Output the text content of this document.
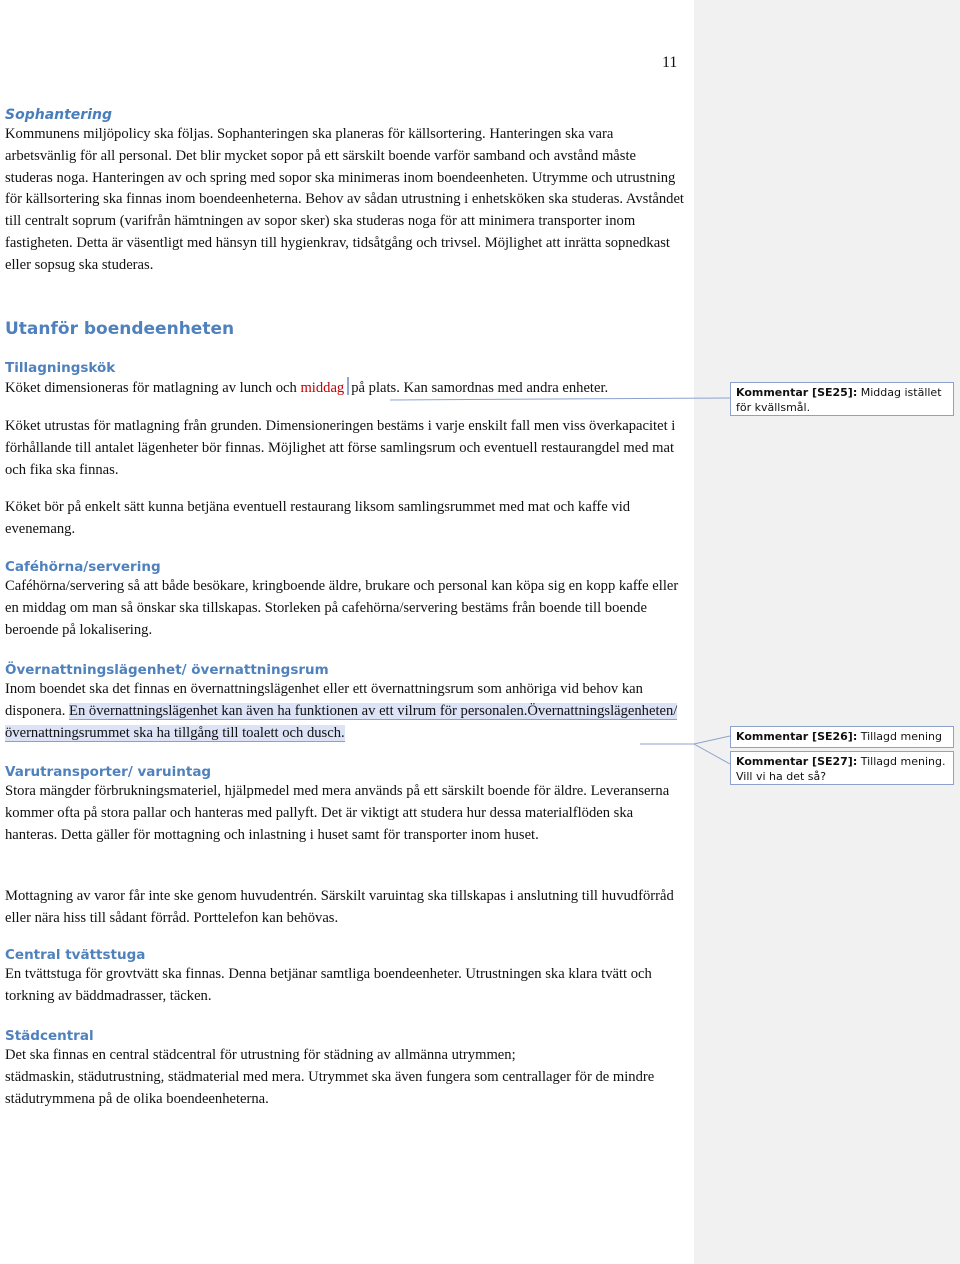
11
Sophantering

Kommunens miljöpolicy ska följas. Sophanteringen ska planeras för källsortering. Hanteringen ska vara arbetsvänlig för all personal. Det blir mycket sopor på ett särskilt boende varför samband och avstånd måste studeras noga. Hanteringen av och spring med sopor ska minimeras inom boendeenheten. Utrymme och utrustning för källsortering ska finnas inom boendeenheterna. Behov av sådan utrustning i enhetsköken ska studeras. Avståndet till centralt soprum (varifrån hämtningen av sopor sker) ska studeras noga för att minimera transporter inom fastigheten. Detta är väsentligt med hänsyn till hygienkrav, tidsåtgång och trivsel. Möjlighet att inrätta sopnedkast eller sopsug ska studeras.

Utanför boendeenheten
Tillagningskök

Köket dimensioneras för matlagning av lunch och middag på plats. Kan samordnas med andra enheter.

Köket utrustas för matlagning från grunden. Dimensioneringen bestäms i varje enskilt fall men viss överkapacitet i förhållande till antalet lägenheter bör finnas. Möjlighet att förse samlingsrum och eventuell restaurangdel med mat och fika ska finnas.

Köket bör på enkelt sätt kunna betjäna eventuell restaurang liksom samlingsrummet med mat och kaffe vid evenemang.

Caféhörna/servering

Caféhörna/servering så att både besökare, kringboende äldre, brukare och personal kan köpa sig en kopp kaffe eller en middag om man så önskar ska tillskapas. Storleken på cafehörna/servering bestäms från boende till boende beroende på lokalisering.

Övernattningslägenhet/ övernattningsrum

Inom boendet ska det finnas en övernattningslägenhet eller ett övernattningsrum som anhöriga vid behov kan disponera. En övernattningslägenhet kan även ha funktionen av ett vilrum för personalen.Övernattningslägenheten/ övernattningsrummet ska ha tillgång till toalett och dusch.

Varutransporter/ varuintag

Stora mängder förbrukningsmateriel, hjälpmedel med mera används på ett särskilt boende för äldre. Leveranserna kommer ofta på stora pallar och hanteras med pallyft. Det är viktigt att studera hur dessa materialflöden ska hanteras. Detta gäller för mottagning och inlastning i huset samt för transporter inom huset.

Mottagning av varor får inte ske genom huvudentrén. Särskilt varuintag ska tillskapas i anslutning till huvudförråd eller nära hiss till sådant förråd. Porttelefon kan behövas.

Central tvättstuga

En tvättstuga för grovtvätt ska finnas. Denna betjänar samtliga boendeenheter. Utrustningen ska klara tvätt och torkning av bäddmadrasser, täcken.

Städcentral

Det ska finnas en central städcentral för utrustning för städning av allmänna utrymmen;

städmaskin, städutrustning, städmaterial med mera. Utrymmet ska även fungera som centrallager för de mindre städutrymmena på de olika boendeenheterna.

Kommentar [SE25]: Middag istället för kvällsmål.
Kommentar [SE26]: Tillagd mening
Kommentar [SE27]: Tillagd mening. Vill vi ha det så?
